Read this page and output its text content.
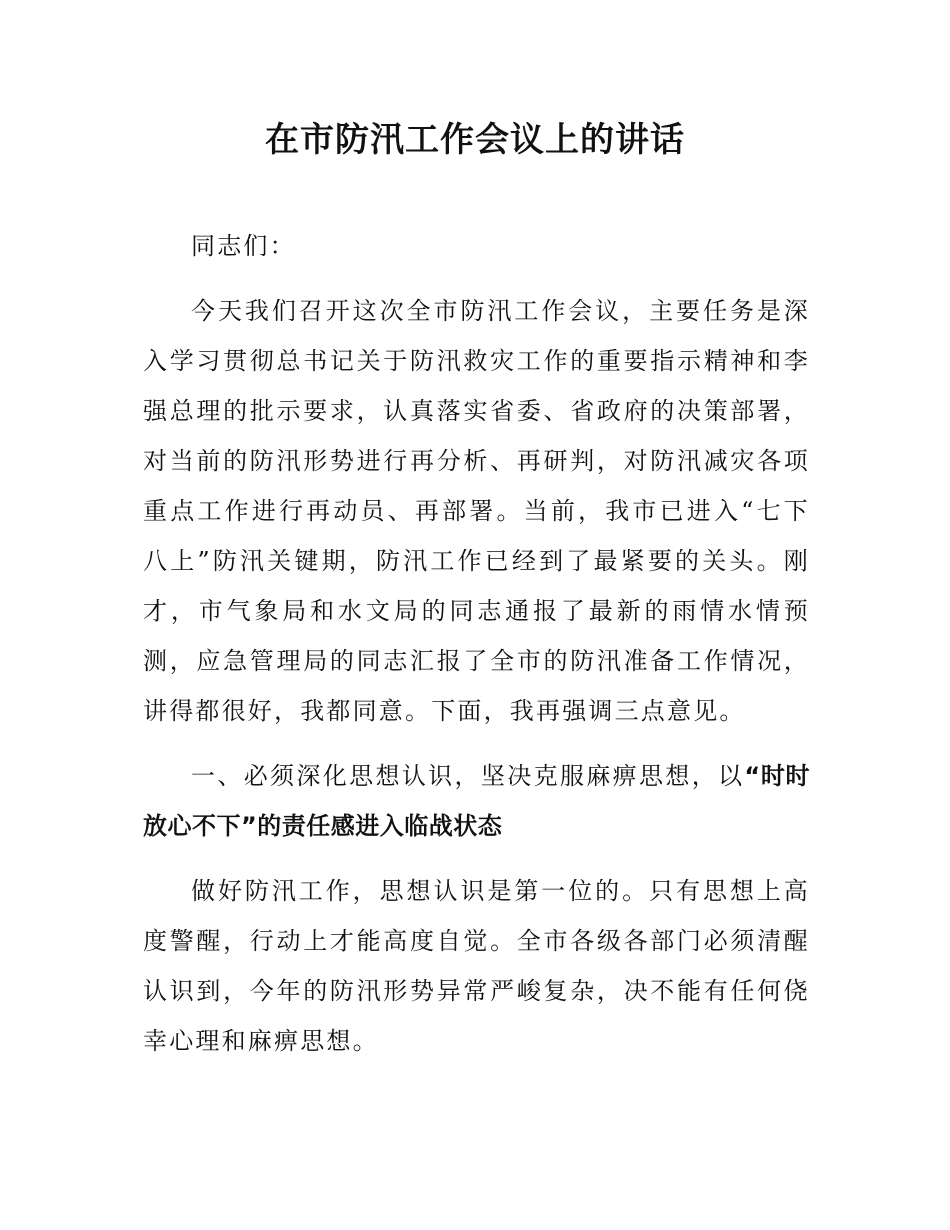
在市防汛工作会议上的讲话

同志们：

今天我们召开这次全市防汛工作会议，主要任务是深入学习贯彻总书记关于防汛救灾工作的重要指示精神和李强总理的批示要求，认真落实省委、省政府的决策部署，对当前的防汛形势进行再分析、再研判，对防汛减灾各项重点工作进行再动员、再部署。当前，我市已进入“七下八上”防汛关键期，防汛工作已经到了最紧要的关头。刚才，市气象局和水文局的同志通报了最新的雨情水情预测，应急管理局的同志汇报了全市的防汛准备工作情况，讲得都很好，我都同意。下面，我再强调三点意见。

一、必须深化思想认识，坚决克服麻痹思想，以“时时放心不下”的责任感进入临战状态

做好防汛工作，思想认识是第一位的。只有思想上高度警醒，行动上才能高度自觉。全市各级各部门必须清醒认识到，今年的防汛形势异常严峻复杂，决不能有任何侥幸心理和麻痹思想。
